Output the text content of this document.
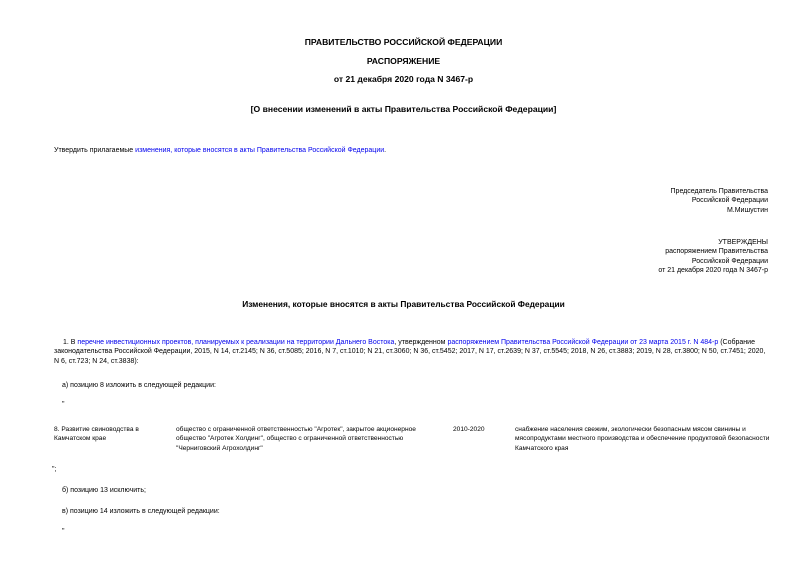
ПРАВИТЕЛЬСТВО РОССИЙСКОЙ ФЕДЕРАЦИИ
РАСПОРЯЖЕНИЕ
от 21 декабря 2020 года N 3467-р
[О внесении изменений в акты Правительства Российской Федерации]
Утвердить прилагаемые изменения, которые вносятся в акты Правительства Российской Федерации.
Председатель Правительства
Российской Федерации
М.Мишустин
УТВЕРЖДЕНЫ
распоряжением Правительства
Российской Федерации
от 21 декабря 2020 года N 3467-р
Изменения, которые вносятся в акты Правительства Российской Федерации
1. В перечне инвестиционных проектов, планируемых к реализации на территории Дальнего Востока, утвержденном распоряжением Правительства Российской Федерации от 23 марта 2015 г. N 484-р (Собрание законодательства Российской Федерации, 2015, N 14, ст.2145; N 36, ст.5085; 2016, N 7, ст.1010; N 21, ст.3060; N 36, ст.5452; 2017, N 17, ст.2639; N 37, ст.5545; 2018, N 26, ст.3883; 2019, N 28, ст.3800; N 50, ст.7451; 2020, N 6, ст.723; N 24, ст.3838):
а) позицию 8 изложить в следующей редакции:
"
8. Развитие свиноводства в Камчатском крае
общество с ограниченной ответственностью "Агротек", закрытое акционерное общество "Агротек Холдинг", общество с ограниченной ответственностью "Черниговский Агрохолдинг"
2010-2020	снабжение населения свежим, экологически безопасным мясом свинины и мясопродуктами местного производства и обеспечение продуктовой безопасности Камчатского края
";
б) позицию 13 исключить;
в) позицию 14 изложить в следующей редакции:
"
